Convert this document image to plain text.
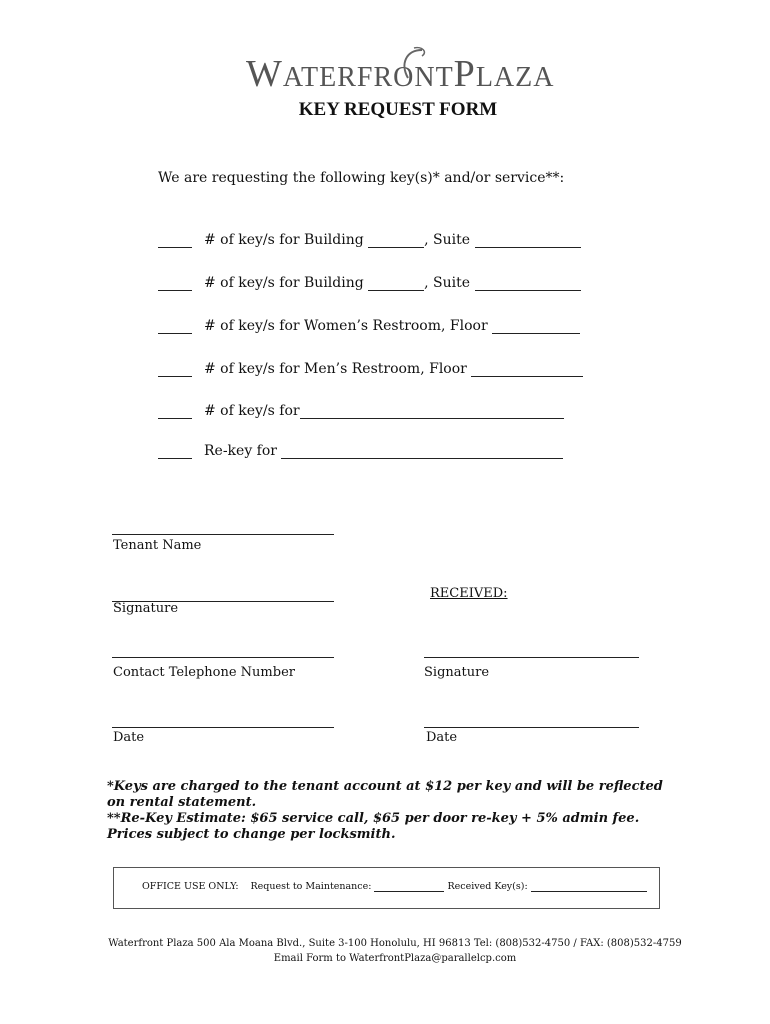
WATERFRONTPLAZA
KEY REQUEST FORM
We are requesting the following key(s)* and/or service**:
# of key/s for Building
	, Suite

# of key/s for Building
	, Suite

# of key/s for Women’s Restroom, Floor

# of key/s for Men’s Restroom, Floor

# of key/s for
Re-key for

Tenant Name
Signature
Contact Telephone Number
Date
RECEIVED:
Signature
Date
*Keys are charged to the tenant account at $12 per key and will be reflected on rental statement.
**Re-Key Estimate: $65 service call, $65 per door re-key + 5% admin fee. Prices subject to change per locksmith.
OFFICE USE ONLY: Request to Maintenance:

	Received Key(s):

Waterfront Plaza 500 Ala Moana Blvd., Suite 3-100 Honolulu, HI 96813 Tel: (808)532-4750 / FAX: (808)532-4759
Email Form to WaterfrontPlaza@parallelcp.com
